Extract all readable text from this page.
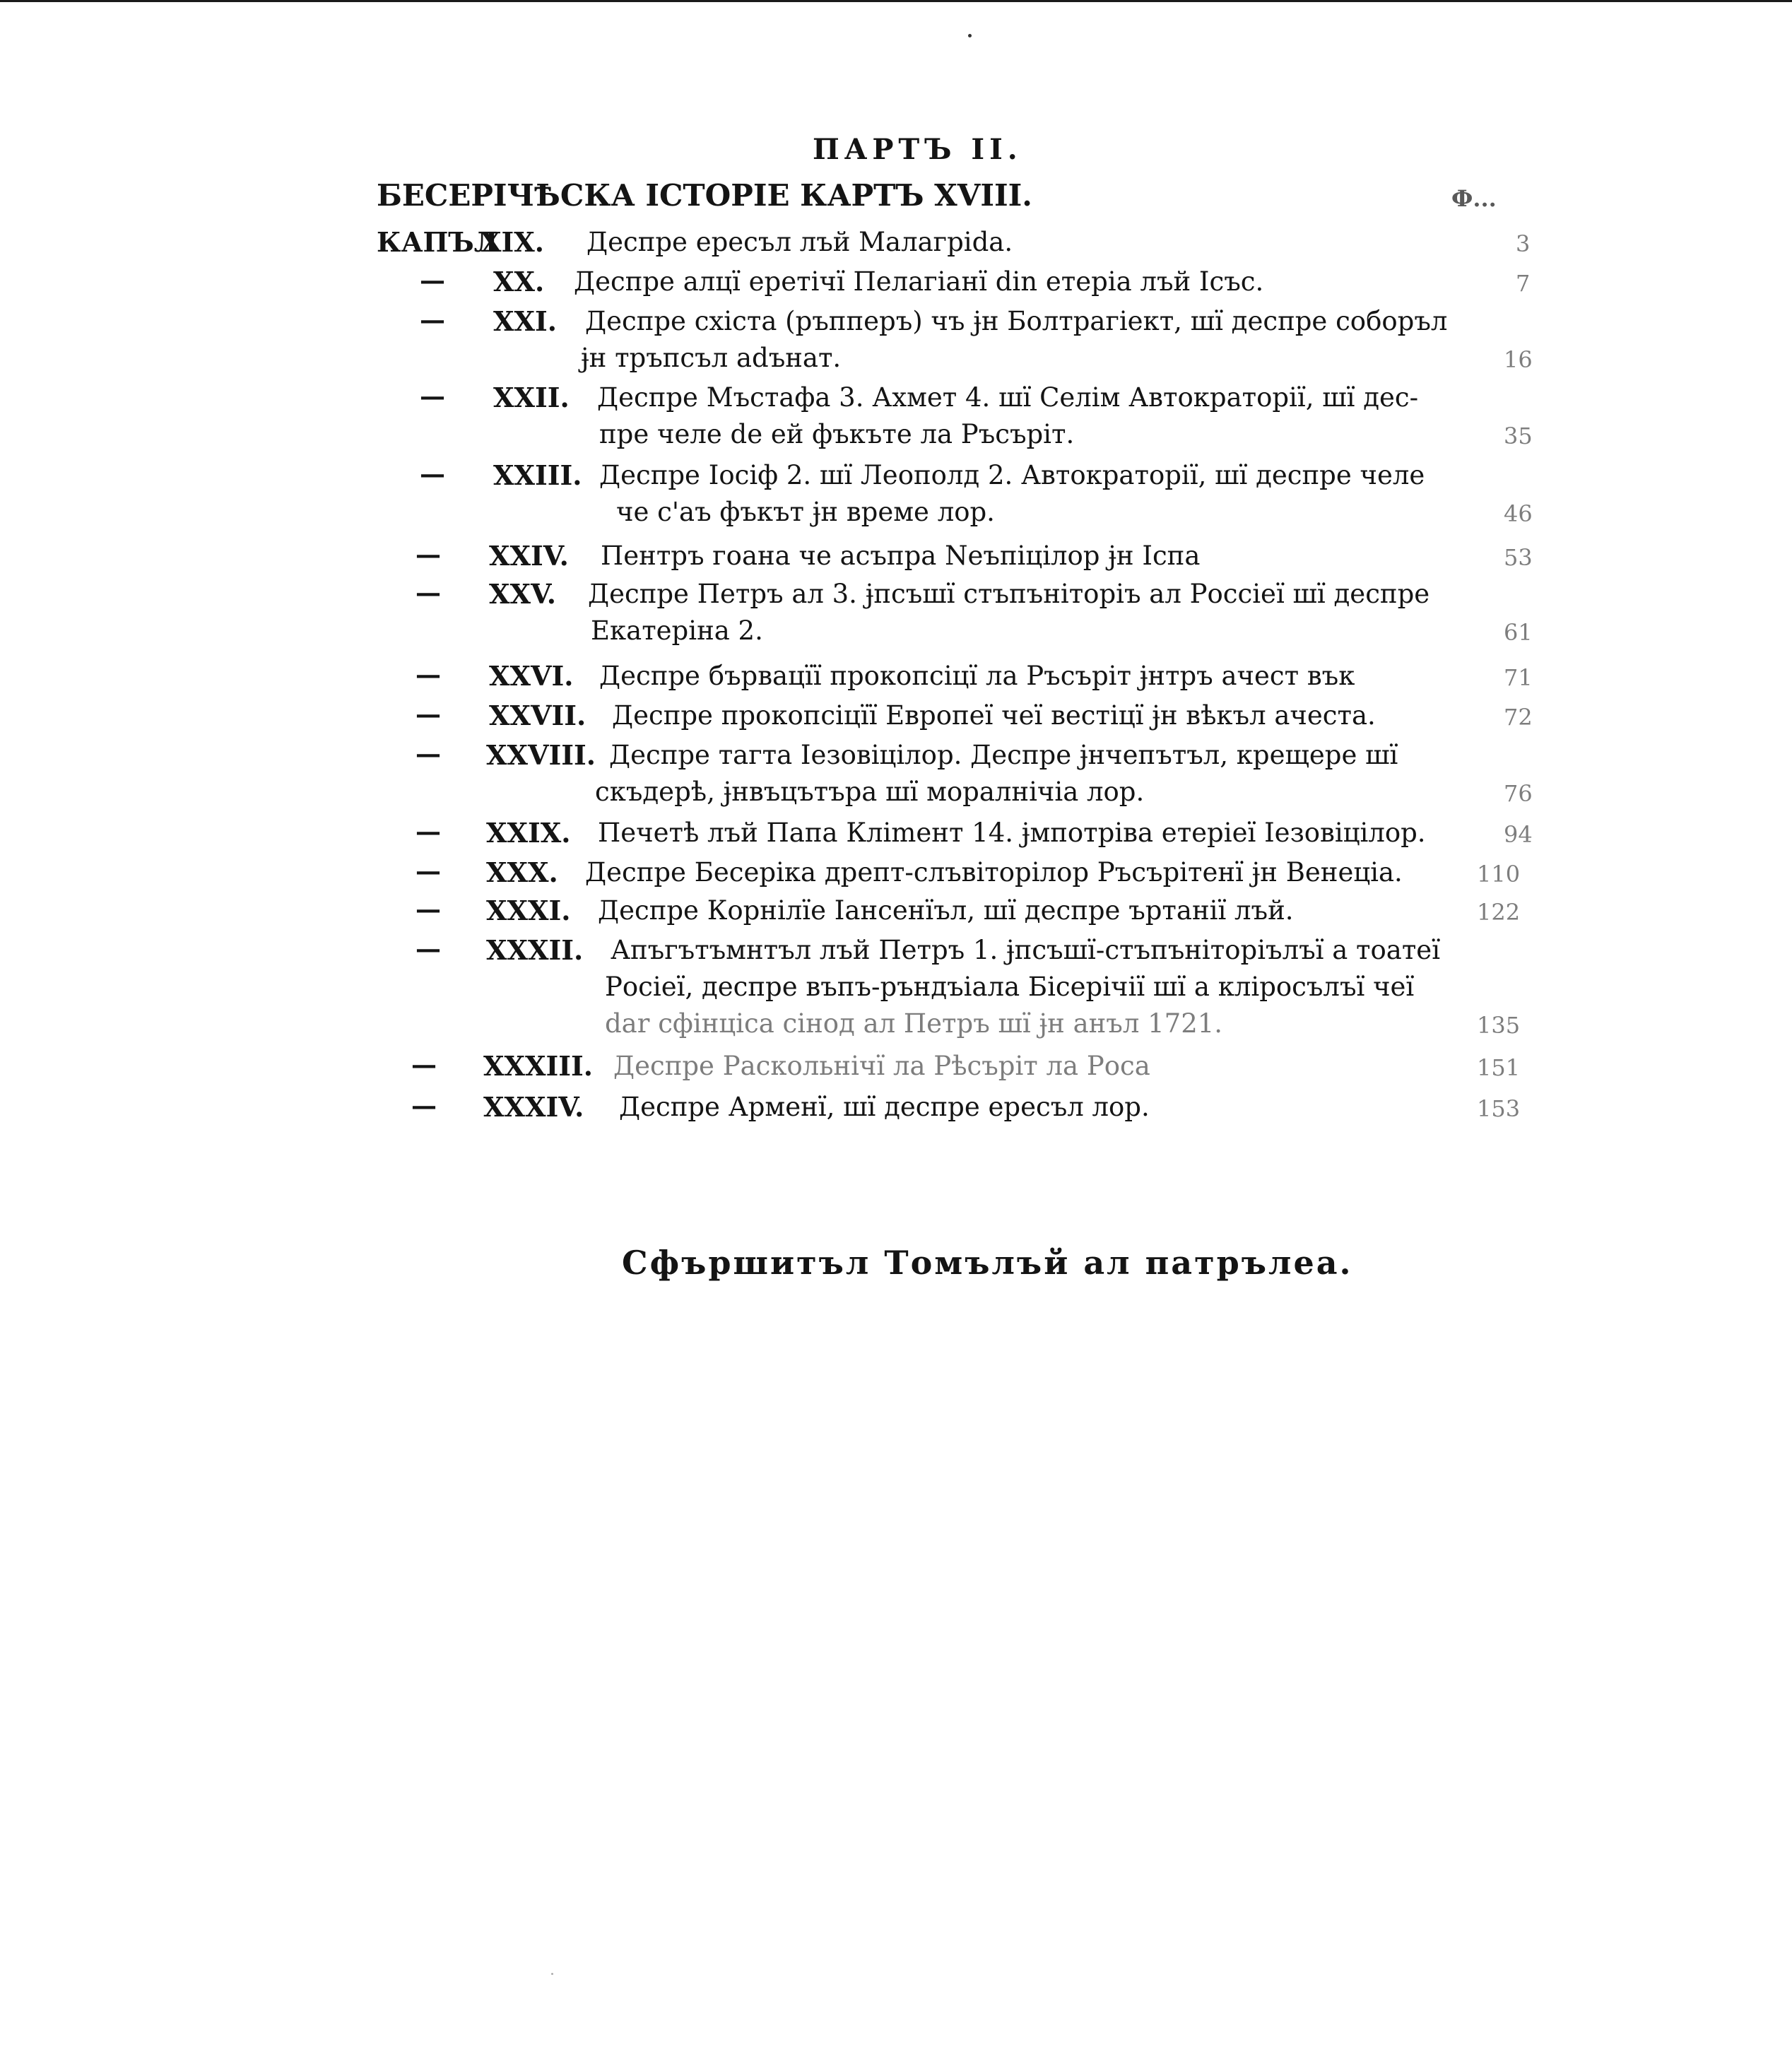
ПАРТЪ II.
БЕСЕРІЧѢСКА ІСТОРІЕ КАРТЪ XVIII.	Ф...
КАПЪЛ
XIX. Деспре ересъл лъй Малагріda.	3
— XX. Деспре алцї еретічї Пелагіанї din етеріа лъй Ісъс.	7
— XXI. Деспре схіста (ръпперъ) чъ ɉн Болтрагіект, шї деспре соборъл
ɉн тръпсъл adънат.	16
— XXII. Деспре Мъстафа 3. Ахмет 4. шї Селім Автократорії, шї дес-
пре челе de ей фъкъте ла Ръсъріт.	35
— XXIII. Деспре Іосіф 2. шї Леополд 2. Автократорії, шї деспре челе
че с'аъ фъкът ɉн време лор.	46
— XXIV. Пентръ гоана че асъпра Nеъпіцілор ɉн Іспа	53
— XXV. Деспре Петръ ал 3. ɉпсъшї стъпъніторіъ ал Россіеї шї деспре
Екатеріна 2.	61
— XXVI. Деспре бървацїї прокопсіцї ла Ръсъріт ɉнтръ ачест вък	71
— XXVII. Деспре прокопсіцїї Европеї чеї вестіцї ɉн вѣкъл ачеста.	72
— XXVIII. Деспре тагта Іезовіцілор. Деспре ɉнчепътъл, крещере шї
скъдерѣ, ɉнвъцътъра шї моралнічіа лор.	76
— XXIX. Печетѣ лъй Папа Кліmент 14. ɉмпотріва етеріеї Іезовіцілор.	94
— XXX. Деспре Бесеріка дрепт-слъвіторілор Ръсърітенї ɉн Венеціа.	110
— XXXI. Деспре Корнілїе Іансенїъл, шї деспре ъртанії лъй.	122
— XXXII. Апъгътъмнтъл лъй Петръ 1. ɉпсъшї-стъпъніторіълъї а тоатеї
Росіеї, деспре въпъ-ръндъіала Бісерічії шї а кліросълъї чеї
dar сфінціса сінод ал Петръ шї ɉн анъл 1721.	135
— XXXIII. Деспре Раскольнічї ла Рѣсъріт ла Роса	151
— XXXIV. Деспре Арменї, шї деспре ересъл лор.	153
Сфършитъл Томълъй ал патрълеа.
